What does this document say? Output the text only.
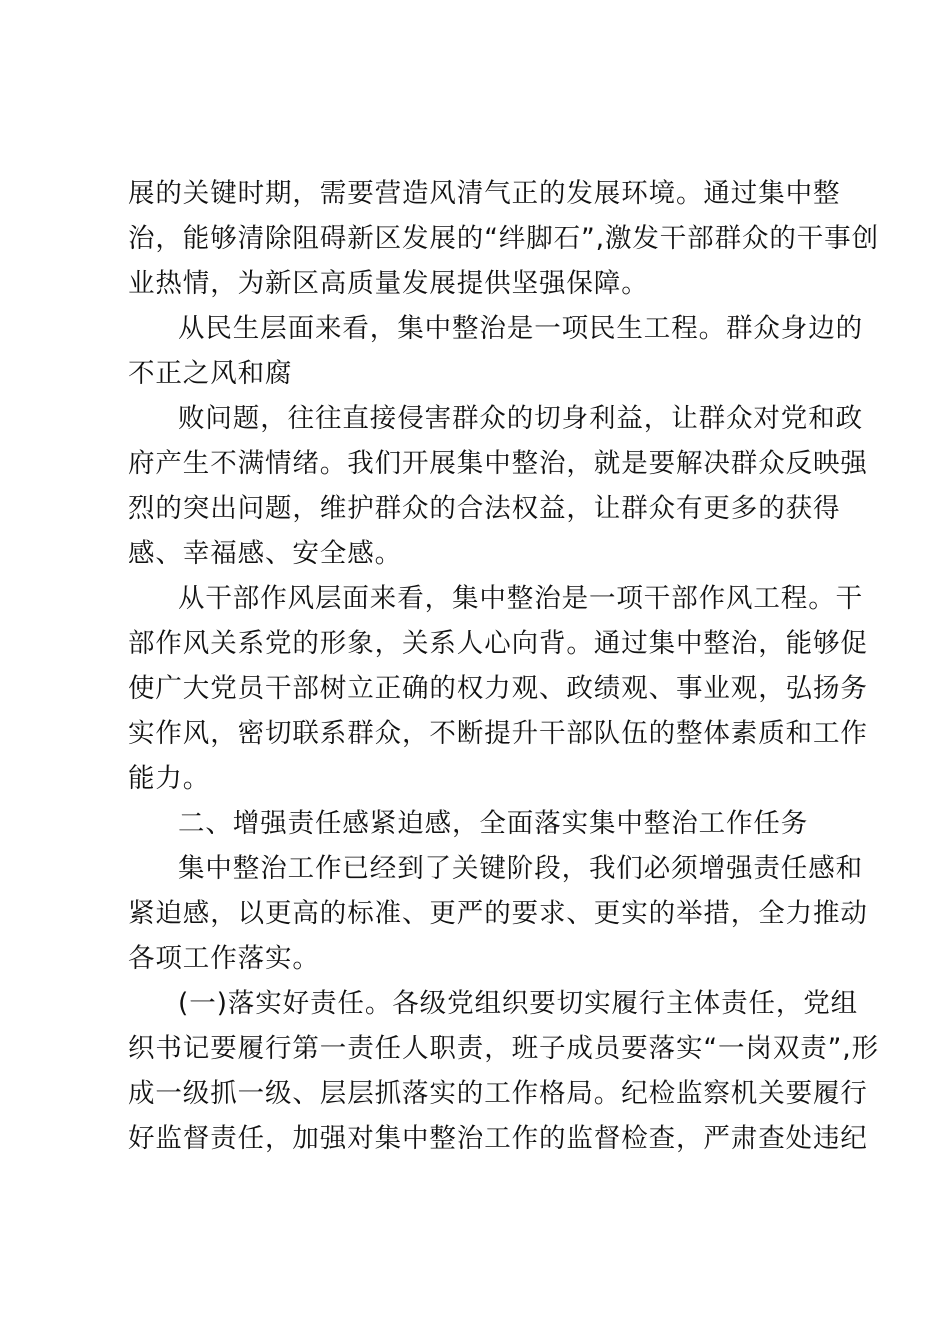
展的关键时期，需要营造风清气正的发展环境。通过集中整

治，能够清除阻碍新区发展的“绊脚石”,激发干部群众的干事创

业热情，为新区高质量发展提供坚强保障。

从民生层面来看，集中整治是一项民生工程。群众身边的

不正之风和腐

败问题，往往直接侵害群众的切身利益，让群众对党和政

府产生不满情绪。我们开展集中整治，就是要解决群众反映强

烈的突出问题，维护群众的合法权益，让群众有更多的获得

感、幸福感、安全感。

从干部作风层面来看，集中整治是一项干部作风工程。干

部作风关系党的形象，关系人心向背。通过集中整治，能够促

使广大党员干部树立正确的权力观、政绩观、事业观，弘扬务

实作风，密切联系群众，不断提升干部队伍的整体素质和工作

能力。

二、增强责任感紧迫感，全面落实集中整治工作任务

集中整治工作已经到了关键阶段，我们必须增强责任感和

紧迫感，以更高的标准、更严的要求、更实的举措，全力推动

各项工作落实。

(一)落实好责任。各级党组织要切实履行主体责任，党组

织书记要履行第一责任人职责，班子成员要落实“一岗双责”,形

成一级抓一级、层层抓落实的工作格局。纪检监察机关要履行

好监督责任，加强对集中整治工作的监督检查，严肃查处违纪
